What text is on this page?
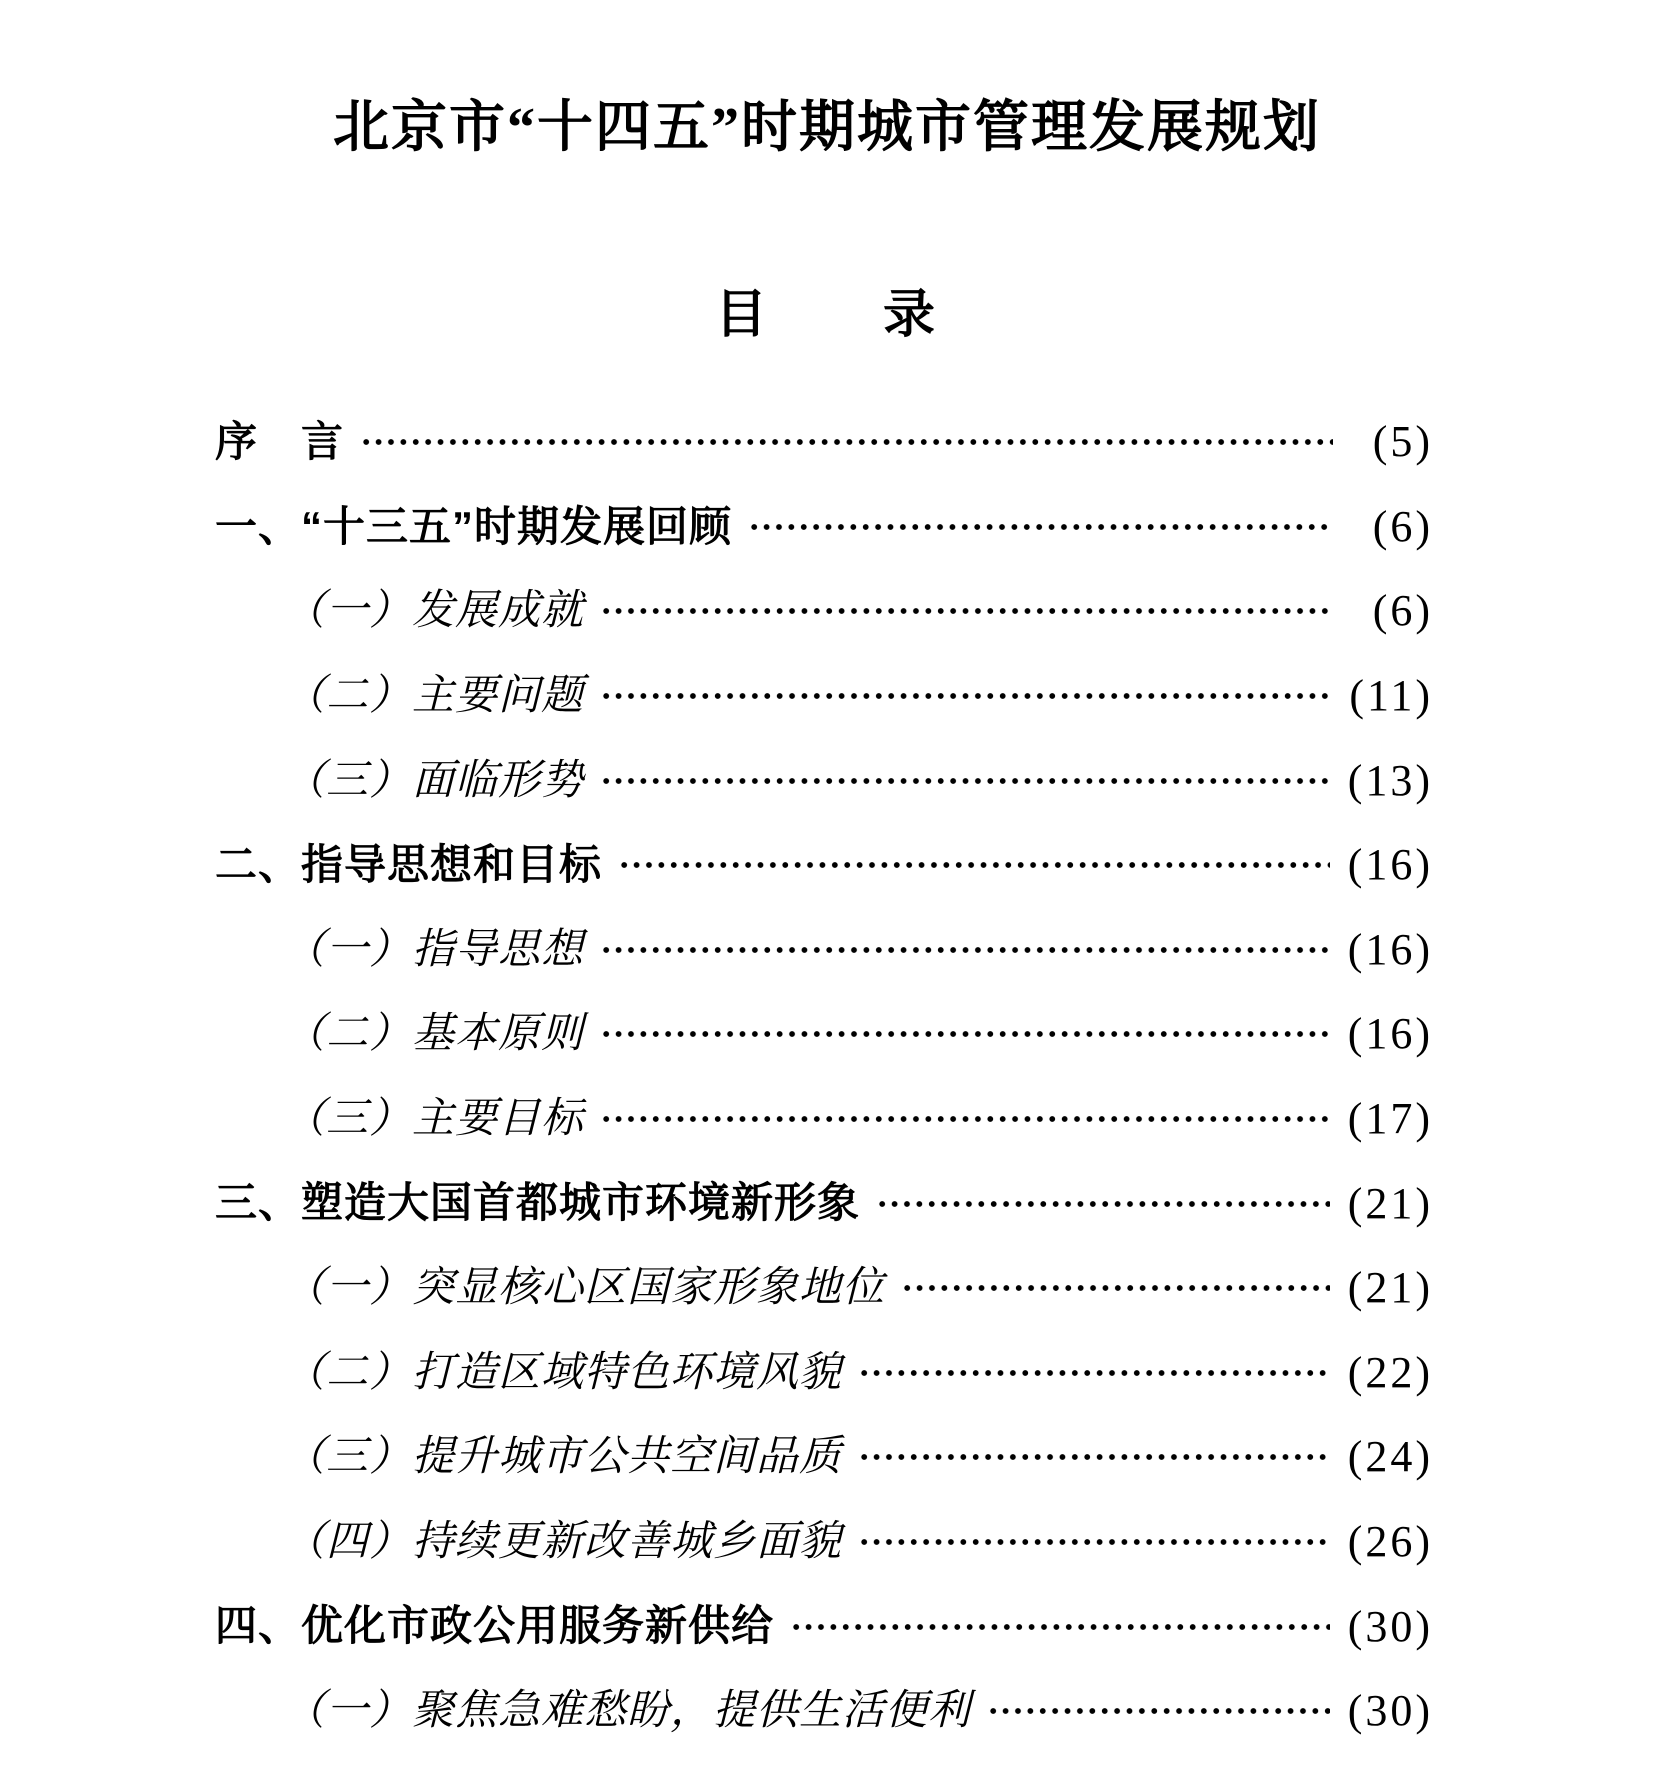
北京市“十四五”时期城市管理发展规划
目　　录
序　言	(5)
一、“十三五”时期发展回顾	(6)
（一）发展成就	(6)
（二）主要问题	(11)
（三）面临形势	(13)
二、指导思想和目标	(16)
（一）指导思想	(16)
（二）基本原则	(16)
（三）主要目标	(17)
三、塑造大国首都城市环境新形象	(21)
（一）突显核心区国家形象地位	(21)
（二）打造区域特色环境风貌	(22)
（三）提升城市公共空间品质	(24)
（四）持续更新改善城乡面貌	(26)
四、优化市政公用服务新供给	(30)
（一）聚焦急难愁盼，提供生活便利	(30)
